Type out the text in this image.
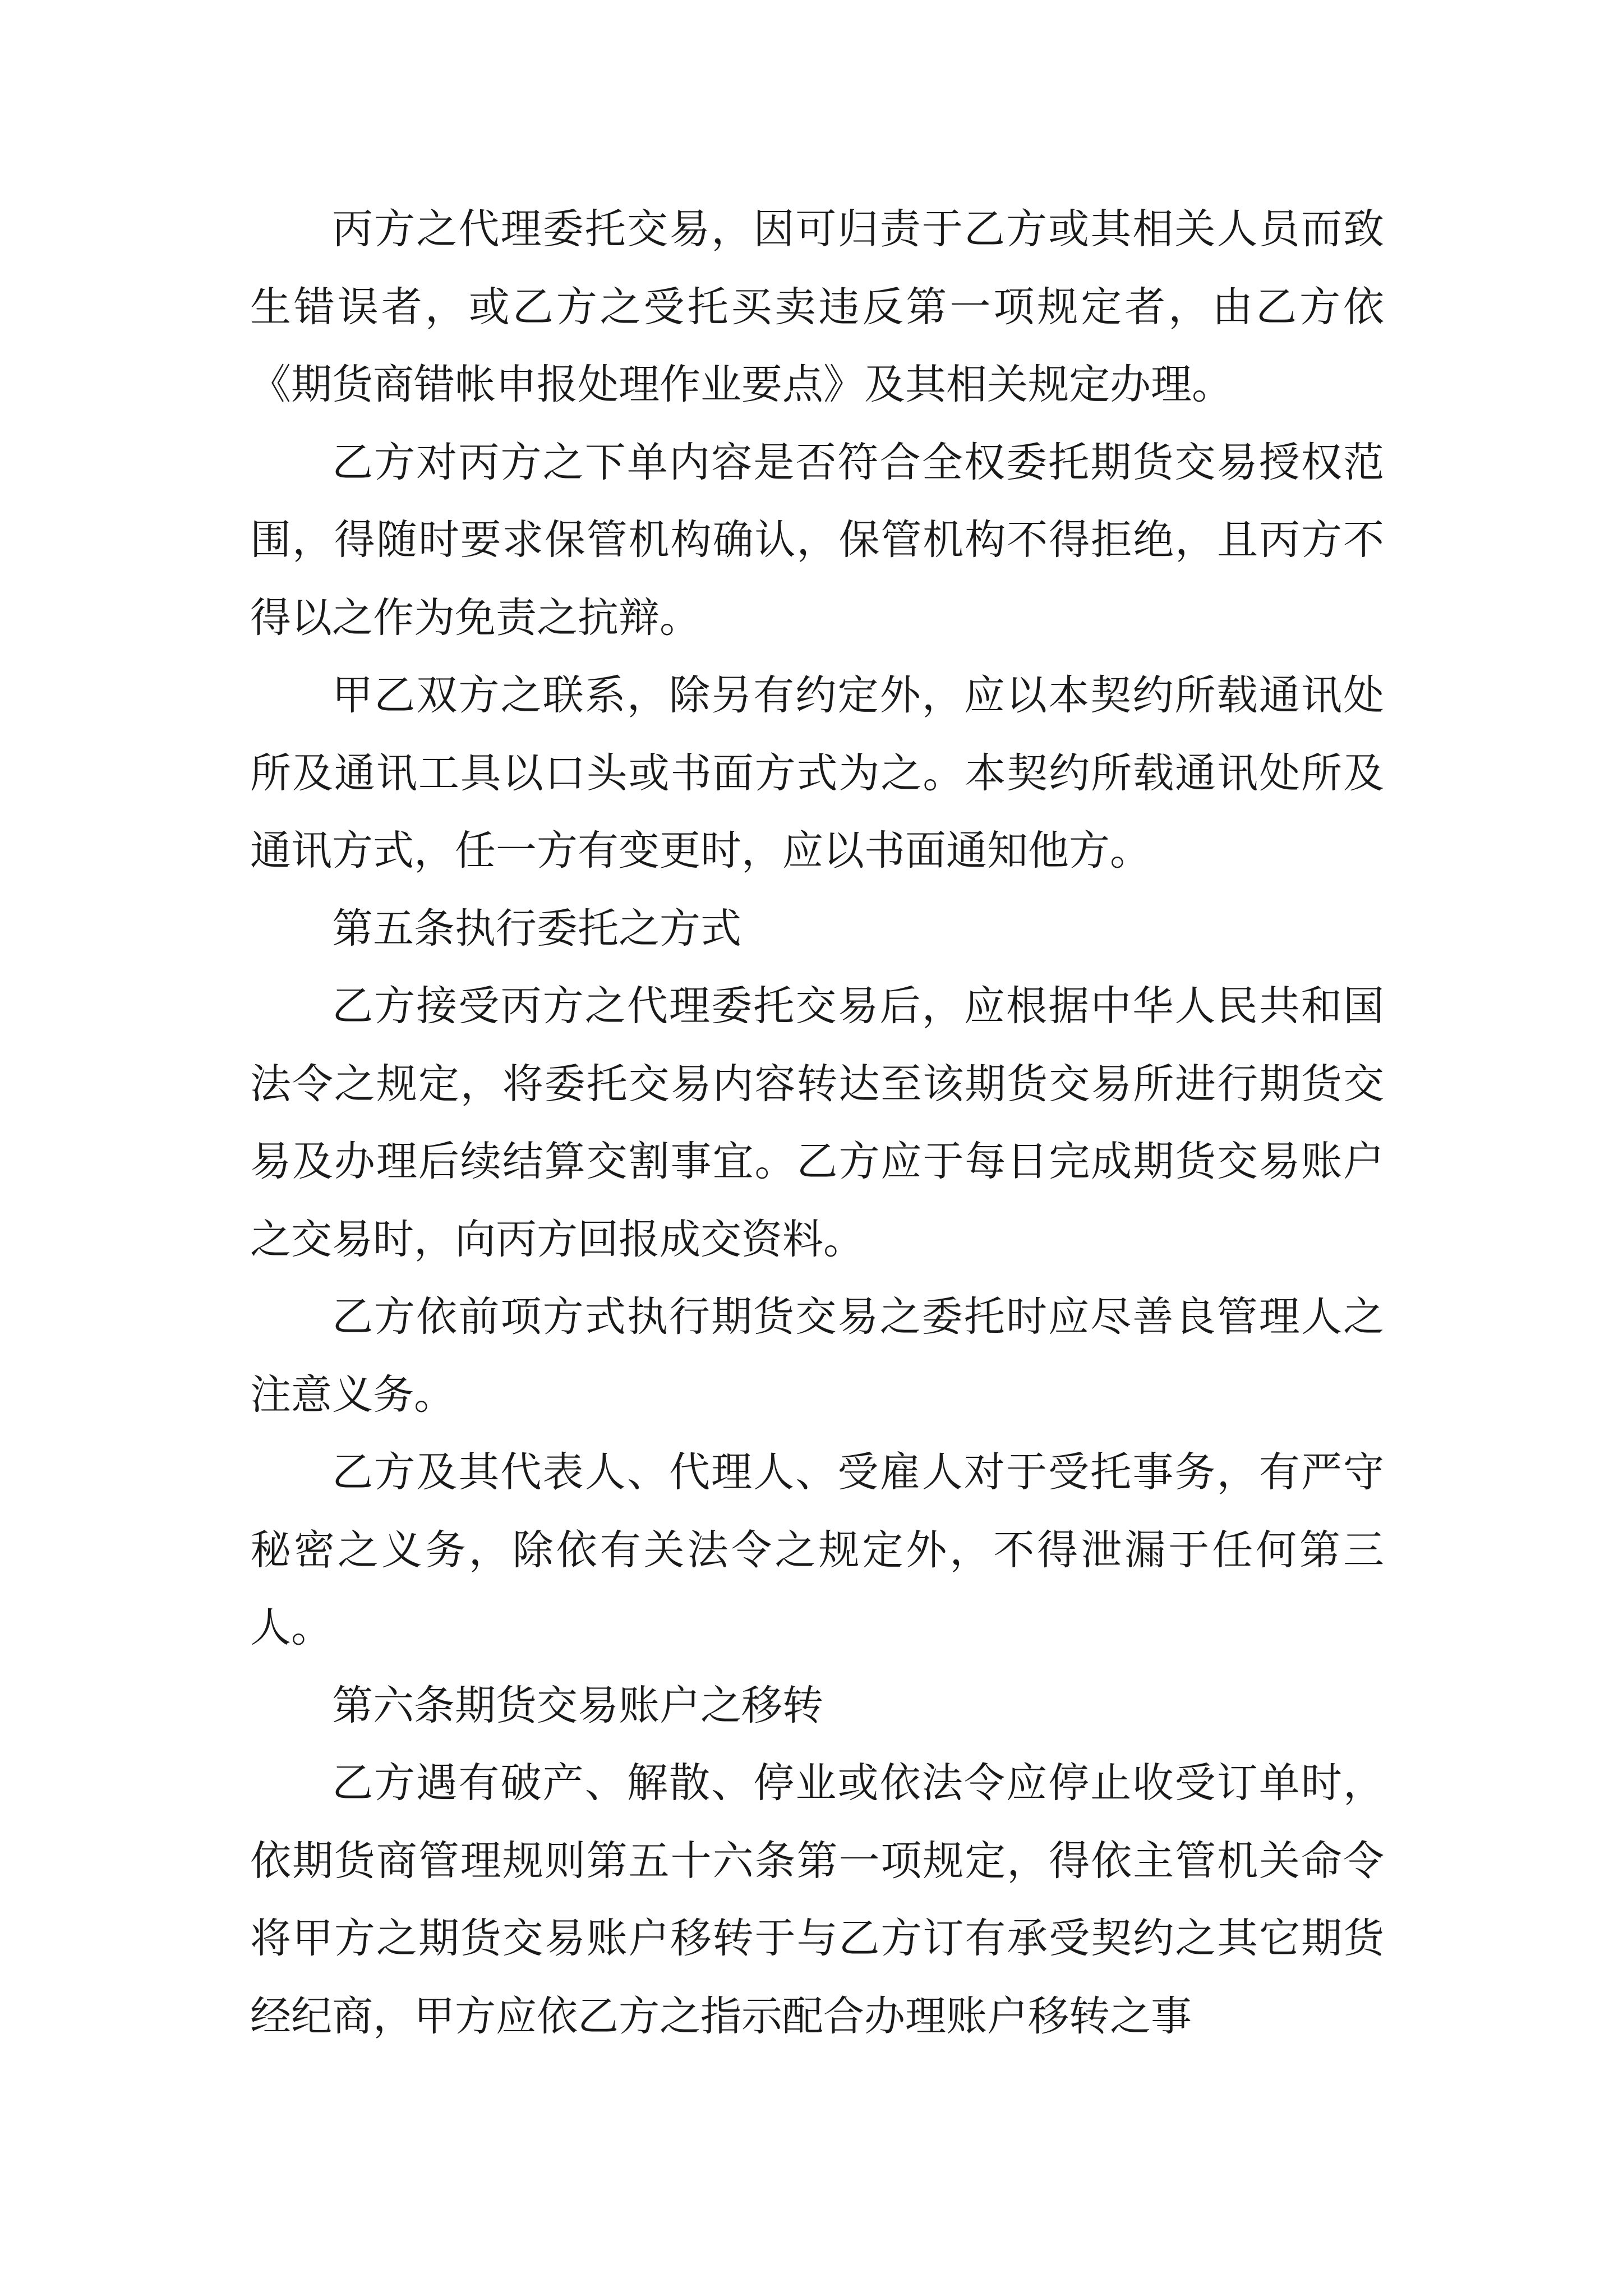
丙方之代理委托交易，因可归责于乙方或其相关人员而致生错误者，或乙方之受托买卖违反第一项规定者，由乙方依《期货商错帐申报处理作业要点》及其相关规定办理。

乙方对丙方之下单内容是否符合全权委托期货交易授权范围，得随时要求保管机构确认，保管机构不得拒绝，且丙方不得以之作为免责之抗辩。

甲乙双方之联系，除另有约定外，应以本契约所载通讯处所及通讯工具以口头或书面方式为之。本契约所载通讯处所及通讯方式，任一方有变更时，应以书面通知他方。

第五条执行委托之方式

乙方接受丙方之代理委托交易后，应根据中华人民共和国法令之规定，将委托交易内容转达至该期货交易所进行期货交易及办理后续结算交割事宜。乙方应于每日完成期货交易账户之交易时，向丙方回报成交资料。

乙方依前项方式执行期货交易之委托时应尽善良管理人之注意义务。

乙方及其代表人、代理人、受雇人对于受托事务，有严守秘密之义务，除依有关法令之规定外，不得泄漏于任何第三人。

第六条期货交易账户之移转

乙方遇有破产、解散、停业或依法令应停止收受订单时，依期货商管理规则第五十六条第一项规定，得依主管机关命令将甲方之期货交易账户移转于与乙方订有承受契约之其它期货经纪商，甲方应依乙方之指示配合办理账户移转之事
